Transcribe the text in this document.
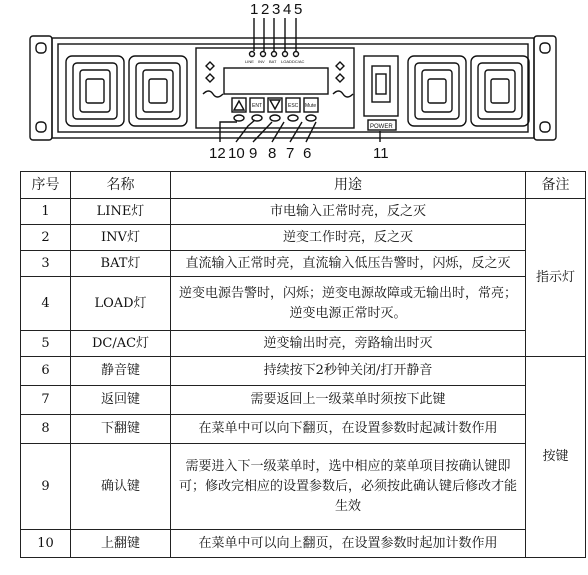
1 2 3 4 5
LINE INV BAT LOAD DC/AC
ENT	ESC Mute
POWER
12 10 9 8 7 6	11
序号	名称	用途	备注
1	LINE灯	市电输入正常时亮，反之灭	指示灯
2	INV灯	逆变工作时亮，反之灭	
3	BAT灯	直流输入正常时亮，直流输入低压告警时，闪烁，反之灭	
4	LOAD灯	逆变电源告警时，闪烁；逆变电源故障或无输出时，常亮；逆变电源正常时灭。	
5	DC/AC灯	逆变输出时亮，旁路输出时灭	
6	静音键	持续按下2秒钟关闭/打开静音	按键
7	返回键	需要返回上一级菜单时须按下此键	
8	下翻键	在菜单中可以向下翻页，在设置参数时起减计数作用	
9	确认键	需要进入下一级菜单时，选中相应的菜单项目按确认键即可；修改完相应的设置参数后，必须按此确认键后修改才能生效	
10	上翻键	在菜单中可以向上翻页，在设置参数时起加计数作用	
